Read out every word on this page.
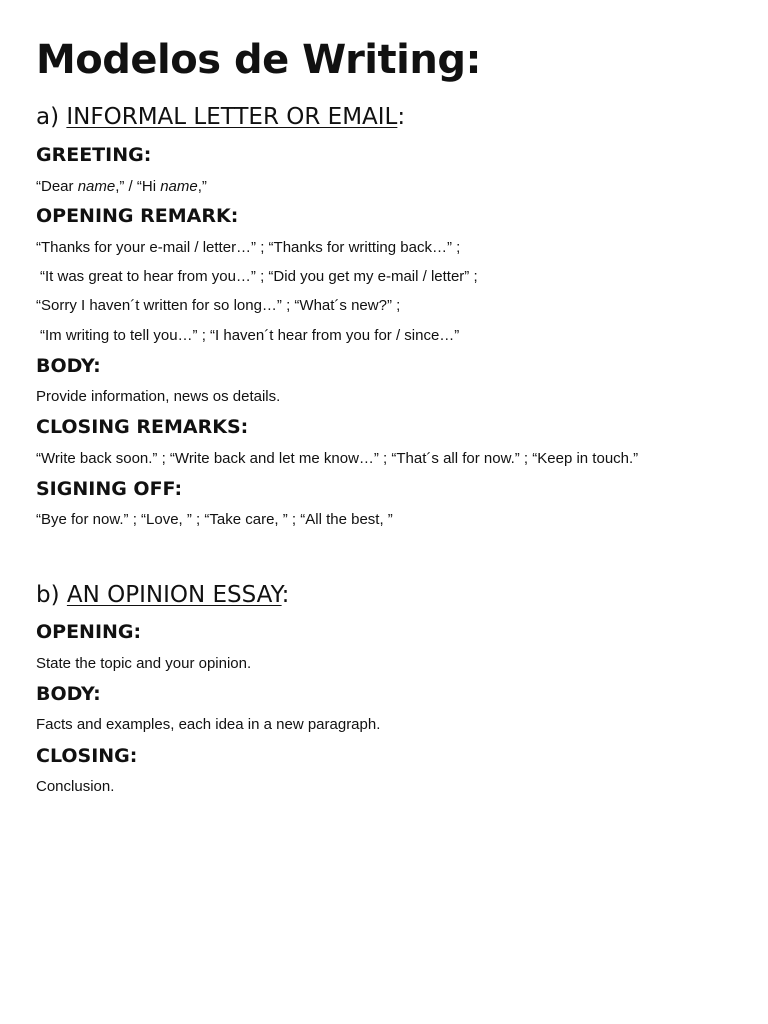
Modelos de Writing:
a) INFORMAL LETTER OR EMAIL:
GREETING:

“Dear name,” / “Hi name,”

OPENING REMARK:

“Thanks for your e-mail / letter…” ; “Thanks for writting back…” ;

“It was great to hear from you…” ; “Did you get my e-mail / letter” ;

“Sorry I haven´t written for so long…” ; “What´s new?” ;

“Im writing to tell you…” ; “I haven´t hear from you for / since…”

BODY:

Provide information, news os details.

CLOSING REMARKS:

“Write back soon.” ; “Write back and let me know…” ; “That´s all for now.” ; “Keep in touch.”

SIGNING OFF:

“Bye for now.” ; “Love, ” ; “Take care, ” ; “All the best, ”

b) AN OPINION ESSAY:
OPENING:

State the topic and your opinion.

BODY:

Facts and examples, each idea in a new paragraph.

CLOSING:

Conclusion.
